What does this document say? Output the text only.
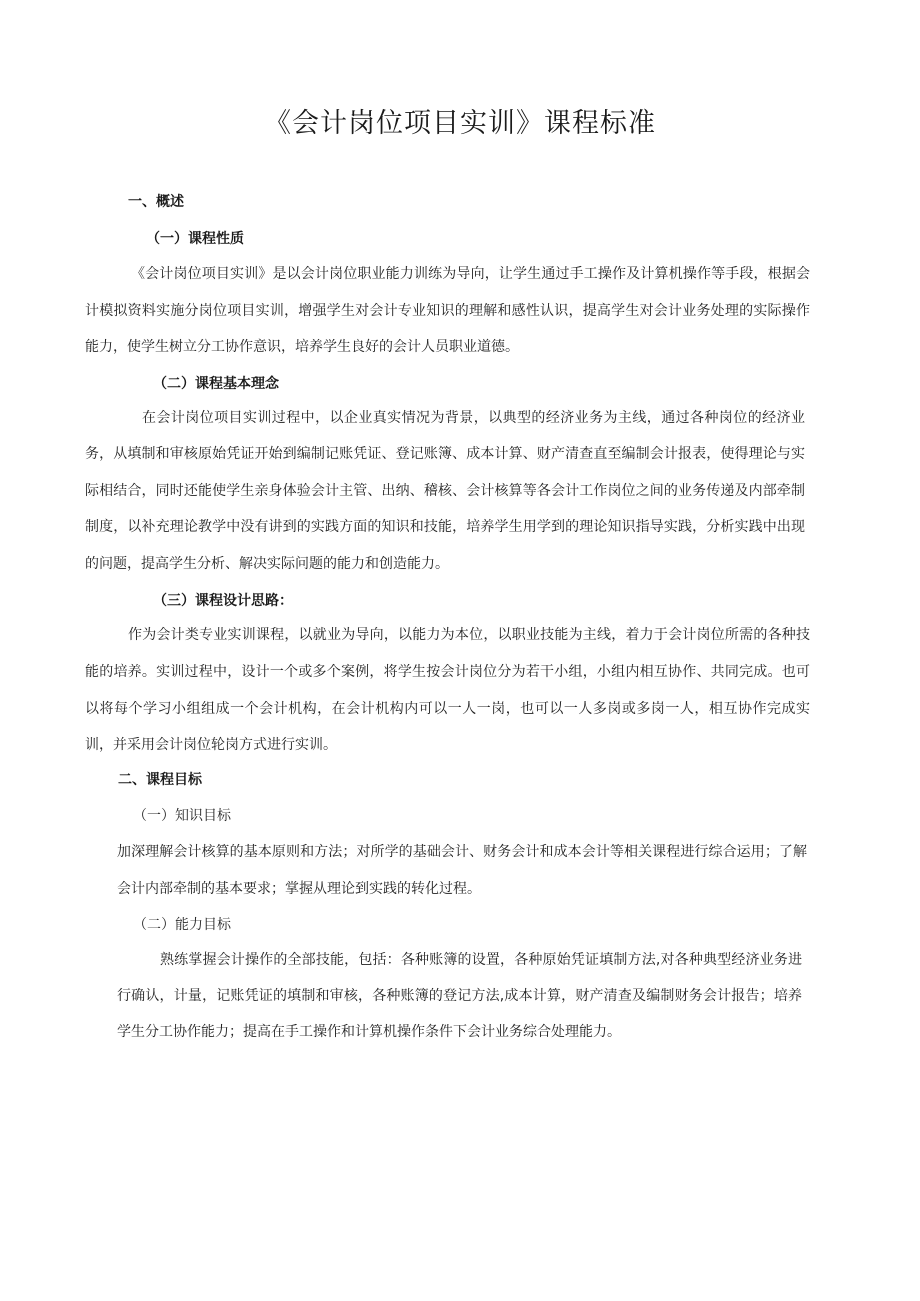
《会计岗位项目实训》课程标准
一、概述
（一）课程性质
《会计岗位项目实训》是以会计岗位职业能力训练为导向，让学生通过手工操作及计算机操作等手段，根据会计模拟资料实施分岗位项目实训，增强学生对会计专业知识的理解和感性认识，提高学生对会计业务处理的实际操作能力，使学生树立分工协作意识，培养学生良好的会计人员职业道德。
（二）课程基本理念
在会计岗位项目实训过程中，以企业真实情况为背景，以典型的经济业务为主线，通过各种岗位的经济业务，从填制和审核原始凭证开始到编制记账凭证、登记账簿、成本计算、财产清查直至编制会计报表，使得理论与实际相结合，同时还能使学生亲身体验会计主管、出纳、稽核、会计核算等各会计工作岗位之间的业务传递及内部牵制制度，以补充理论教学中没有讲到的实践方面的知识和技能，培养学生用学到的理论知识指导实践，分析实践中出现的问题，提高学生分析、解决实际问题的能力和创造能力。
（三）课程设计思路：
作为会计类专业实训课程，以就业为导向，以能力为本位，以职业技能为主线，着力于会计岗位所需的各种技能的培养。实训过程中，设计一个或多个案例，将学生按会计岗位分为若干小组，小组内相互协作、共同完成。也可以将每个学习小组组成一个会计机构，在会计机构内可以一人一岗，也可以一人多岗或多岗一人，相互协作完成实训，并采用会计岗位轮岗方式进行实训。
二、课程目标
（一）知识目标
加深理解会计核算的基本原则和方法；对所学的基础会计、财务会计和成本会计等相关课程进行综合运用；了解会计内部牵制的基本要求；掌握从理论到实践的转化过程。
（二）能力目标
熟练掌握会计操作的全部技能，包括：各种账簿的设置，各种原始凭证填制方法,对各种典型经济业务进行确认，计量，记账凭证的填制和审核，各种账簿的登记方法,成本计算，财产清查及编制财务会计报告；培养学生分工协作能力；提高在手工操作和计算机操作条件下会计业务综合处理能力。
